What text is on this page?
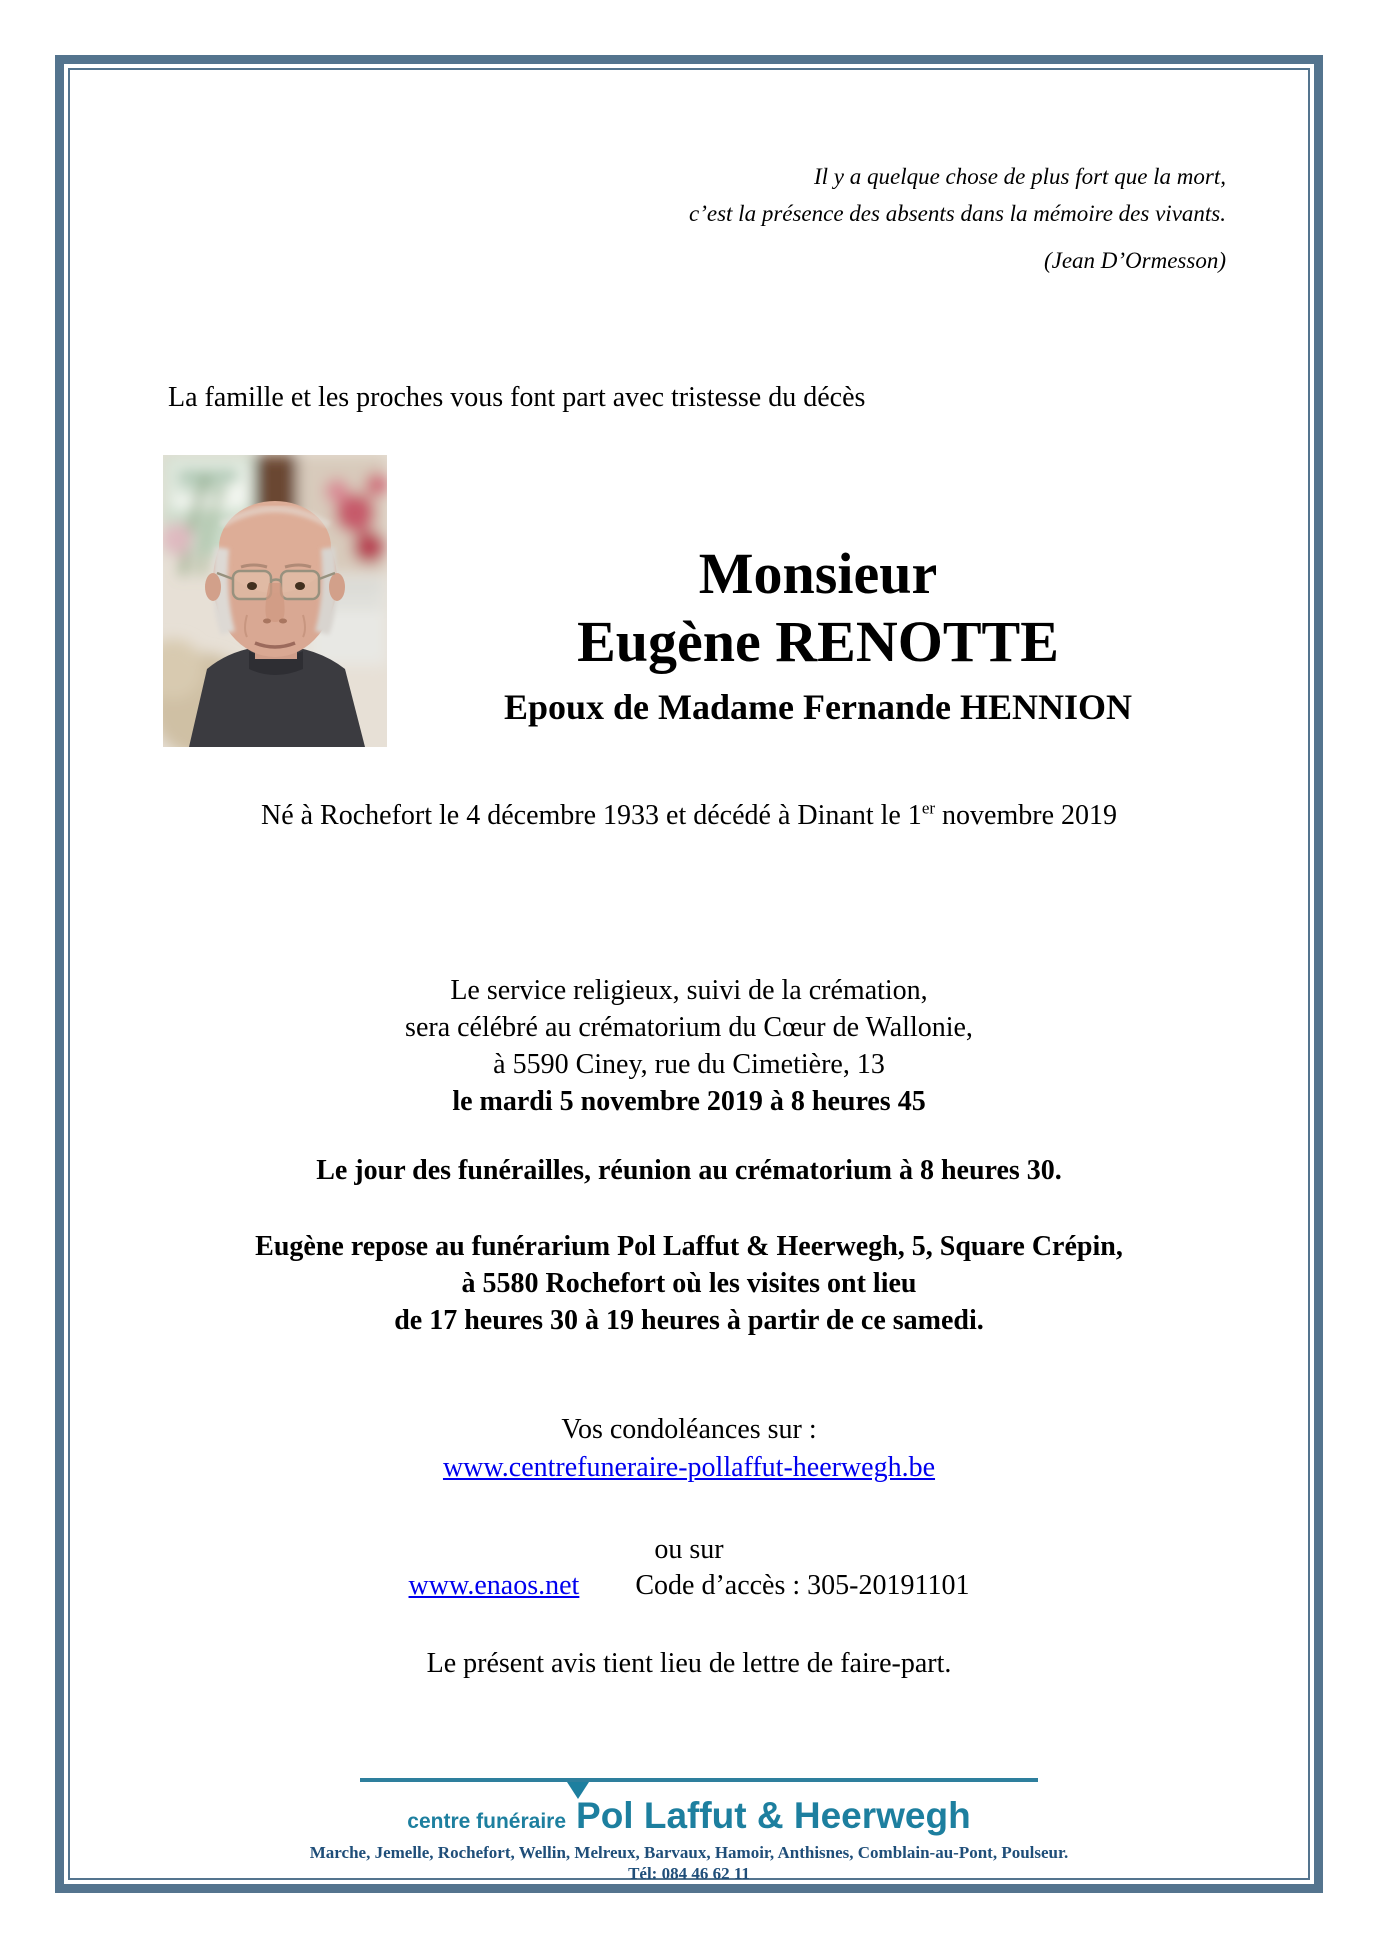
Il y a quelque chose de plus fort que la mort,
c’est la présence des absents dans la mémoire des vivants.
(Jean D’Ormesson)
La famille et les proches vous font part avec tristesse du décès
Monsieur
Eugène RENOTTE
Epoux de Madame Fernande HENNION
Né à Rochefort le 4 décembre 1933 et décédé à Dinant le 1er novembre 2019
Le service religieux, suivi de la crémation,
sera célébré au crématorium du Cœur de Wallonie,
à 5590 Ciney, rue du Cimetière, 13
le mardi 5 novembre 2019 à 8 heures 45
Le jour des funérailles, réunion au crématorium à 8 heures 30.
Eugène repose au funérarium Pol Laffut & Heerwegh, 5, Square Crépin,
à 5580 Rochefort où les visites ont lieu
de 17 heures 30 à 19 heures à partir de ce samedi.
Vos condoléances sur :
www.centrefuneraire-pollaffut-heerwegh.be
ou sur
www.enaos.net Code d’accès : 305-20191101
Le présent avis tient lieu de lettre de faire-part.
centre funéraire Pol Laffut & Heerwegh
Marche, Jemelle, Rochefort, Wellin, Melreux, Barvaux, Hamoir, Anthisnes, Comblain-au-Pont, Poulseur.
Tél: 084 46 62 11
